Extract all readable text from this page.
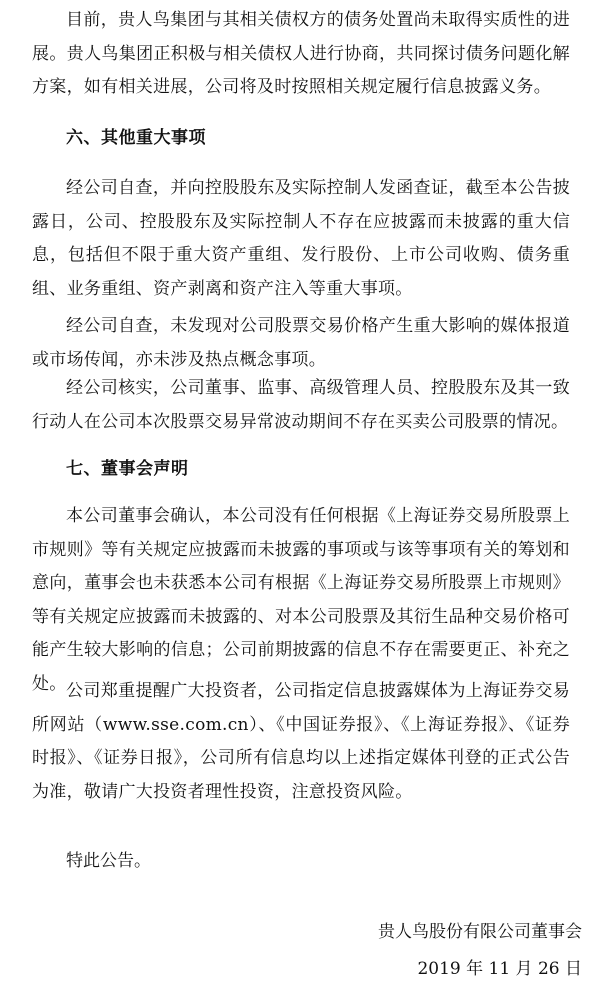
目前，贵人鸟集团与其相关债权方的债务处置尚未取得实质性的进展。贵人鸟集团正积极与相关债权人进行协商，共同探讨债务问题化解方案，如有相关进展，公司将及时按照相关规定履行信息披露义务。

六、其他重大事项

经公司自查，并向控股股东及实际控制人发函查证，截至本公告披露日，公司、控股股东及实际控制人不存在应披露而未披露的重大信息，包括但不限于重大资产重组、发行股份、上市公司收购、债务重组、业务重组、资产剥离和资产注入等重大事项。

经公司自查，未发现对公司股票交易价格产生重大影响的媒体报道或市场传闻，亦未涉及热点概念事项。

经公司核实，公司董事、监事、高级管理人员、控股股东及其一致行动人在公司本次股票交易异常波动期间不存在买卖公司股票的情况。

七、董事会声明

本公司董事会确认，本公司没有任何根据《上海证券交易所股票上市规则》等有关规定应披露而未披露的事项或与该等事项有关的筹划和意向，董事会也未获悉本公司有根据《上海证券交易所股票上市规则》等有关规定应披露而未披露的、对本公司股票及其衍生品种交易价格可能产生较大影响的信息；公司前期披露的信息不存在需要更正、补充之处。 公司郑重提醒广大投资者，公司指定信息披露媒体为上海证券交易所网站（www.sse.com.cn）、《中国证券报》、《上海证券报》、《证券时报》、《证券日报》，公司所有信息均以上述指定媒体刊登的正式公告为准，敬请广大投资者理性投资，注意投资风险。

特此公告。
贵人鸟股份有限公司董事会
2019 年 11 月 26 日
